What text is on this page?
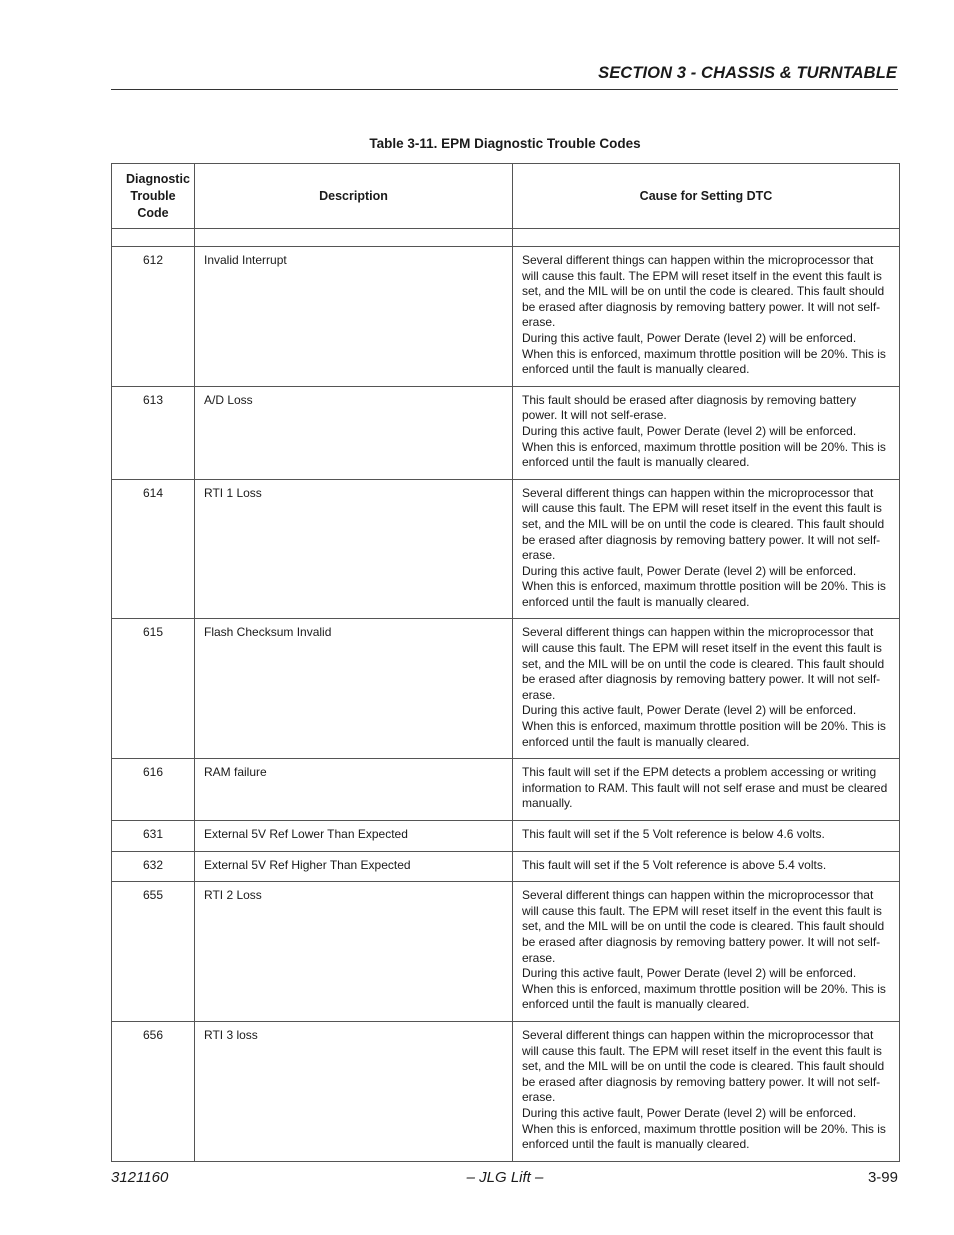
SECTION 3 - CHASSIS & TURNTABLE
Table 3-11. EPM Diagnostic Trouble Codes
Diagnostic Trouble Code	Description	Cause for Setting DTC

612	Invalid Interrupt	Several different things can happen within the microprocessor that will cause this fault. The EPM will reset itself in the event this fault is set, and the MIL will be on until the code is cleared. This fault should be erased after diagnosis by removing battery power. It will not self-erase.

During this active fault, Power Derate (level 2) will be enforced. When this is enforced, maximum throttle position will be 20%. This is enforced until the fault is manually cleared.

613	A/D Loss	This fault should be erased after diagnosis by removing battery power. It will not self-erase.

During this active fault, Power Derate (level 2) will be enforced. When this is enforced, maximum throttle position will be 20%. This is enforced until the fault is manually cleared.

614	RTI 1 Loss	Several different things can happen within the microprocessor that will cause this fault. The EPM will reset itself in the event this fault is set, and the MIL will be on until the code is cleared. This fault should be erased after diagnosis by removing battery power. It will not self-erase.

During this active fault, Power Derate (level 2) will be enforced. When this is enforced, maximum throttle position will be 20%. This is enforced until the fault is manually cleared.

615	Flash Checksum Invalid	Several different things can happen within the microprocessor that will cause this fault. The EPM will reset itself in the event this fault is set, and the MIL will be on until the code is cleared. This fault should be erased after diagnosis by removing battery power. It will not self-erase.

During this active fault, Power Derate (level 2) will be enforced. When this is enforced, maximum throttle position will be 20%. This is enforced until the fault is manually cleared.

616	RAM failure	This fault will set if the EPM detects a problem accessing or writing information to RAM. This fault will not self erase and must be cleared manually.

631	External 5V Ref Lower Than Expected	This fault will set if the 5 Volt reference is below 4.6 volts.

632	External 5V Ref Higher Than Expected	This fault will set if the 5 Volt reference is above 5.4 volts.

655	RTI 2 Loss	Several different things can happen within the microprocessor that will cause this fault. The EPM will reset itself in the event this fault is set, and the MIL will be on until the code is cleared. This fault should be erased after diagnosis by removing battery power. It will not self-erase.

During this active fault, Power Derate (level 2) will be enforced. When this is enforced, maximum throttle position will be 20%. This is enforced until the fault is manually cleared.

656	RTI 3 loss	Several different things can happen within the microprocessor that will cause this fault. The EPM will reset itself in the event this fault is set, and the MIL will be on until the code is cleared. This fault should be erased after diagnosis by removing battery power. It will not self-erase.

During this active fault, Power Derate (level 2) will be enforced. When this is enforced, maximum throttle position will be 20%. This is enforced until the fault is manually cleared.

3121160	– JLG Lift –	3-99
